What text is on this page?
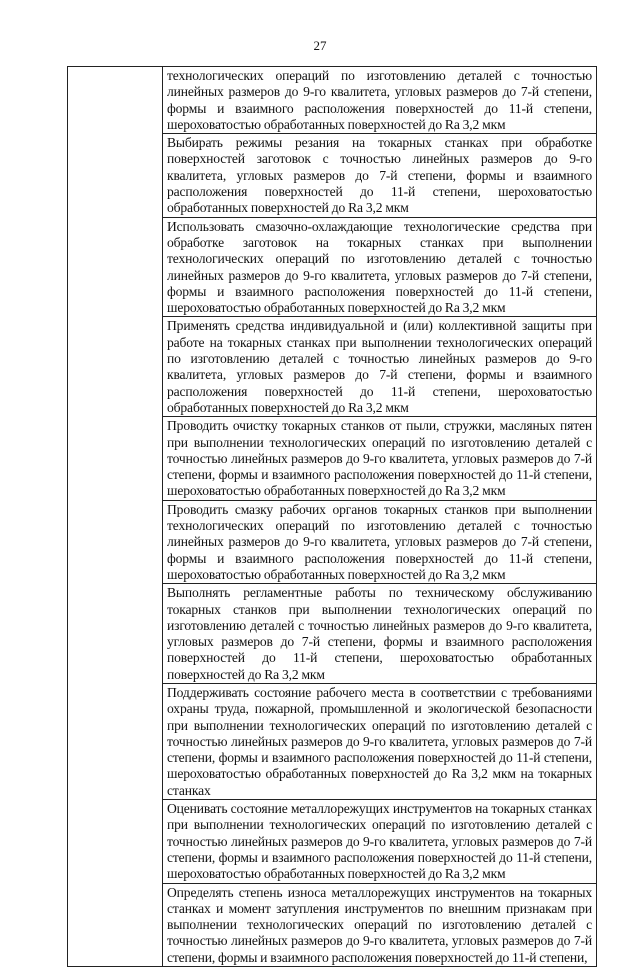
27

технологических операций по изготовлению деталей с точностью линейных размеров до 9-го квалитета, угловых размеров до 7-й степени, формы и взаимного расположения поверхностей до 11-й степени, шероховатостью обработанных поверхностей до Ra 3,2 мкм

Выбирать режимы резания на токарных станках при обработке поверхностей заготовок с точностью линейных размеров до 9-го квалитета, угловых размеров до 7-й степени, формы и взаимного расположения поверхностей до 11-й степени, шероховатостью обработанных поверхностей до Ra 3,2 мкм

Использовать смазочно-охлаждающие технологические средства при обработке заготовок на токарных станках при выполнении технологических операций по изготовлению деталей с точностью линейных размеров до 9-го квалитета, угловых размеров до 7-й степени, формы и взаимного расположения поверхностей до 11-й степени, шероховатостью обработанных поверхностей до Ra 3,2 мкм

Применять средства индивидуальной и (или) коллективной защиты при работе на токарных станках при выполнении технологических операций по изготовлению деталей с точностью линейных размеров до 9-го квалитета, угловых размеров до 7-й степени, формы и взаимного расположения поверхностей до 11-й степени, шероховатостью обработанных поверхностей до Ra 3,2 мкм

Проводить очистку токарных станков от пыли, стружки, масляных пятен при выполнении технологических операций по изготовлению деталей с точностью линейных размеров до 9-го квалитета, угловых размеров до 7-й степени, формы и взаимного расположения поверхностей до 11-й степени, шероховатостью обработанных поверхностей до Ra 3,2 мкм

Проводить смазку рабочих органов токарных станков при выполнении технологических операций по изготовлению деталей с точностью линейных размеров до 9-го квалитета, угловых размеров до 7-й степени, формы и взаимного расположения поверхностей до 11-й степени, шероховатостью обработанных поверхностей до Ra 3,2 мкм

Выполнять регламентные работы по техническому обслуживанию токарных станков при выполнении технологических операций по изготовлению деталей с точностью линейных размеров до 9-го квалитета, угловых размеров до 7-й степени, формы и взаимного расположения поверхностей до 11-й степени, шероховатостью обработанных поверхностей до Ra 3,2 мкм

Поддерживать состояние рабочего места в соответствии с требованиями охраны труда, пожарной, промышленной и экологической безопасности при выполнении технологических операций по изготовлению деталей с точностью линейных размеров до 9-го квалитета, угловых размеров до 7-й степени, формы и взаимного расположения поверхностей до 11-й степени, шероховатостью обработанных поверхностей до Ra 3,2 мкм на токарных станках

Оценивать состояние металлорежущих инструментов на токарных станках при выполнении технологических операций по изготовлению деталей с точностью линейных размеров до 9-го квалитета, угловых размеров до 7-й степени, формы и взаимного расположения поверхностей до 11-й степени, шероховатостью обработанных поверхностей до Ra 3,2 мкм

Определять степень износа металлорежущих инструментов на токарных станках и момент затупления инструментов по внешним признакам при выполнении технологических операций по изготовлению деталей с точностью линейных размеров до 9-го квалитета, угловых размеров до 7-й степени, формы и взаимного расположения поверхностей до 11-й степени,
